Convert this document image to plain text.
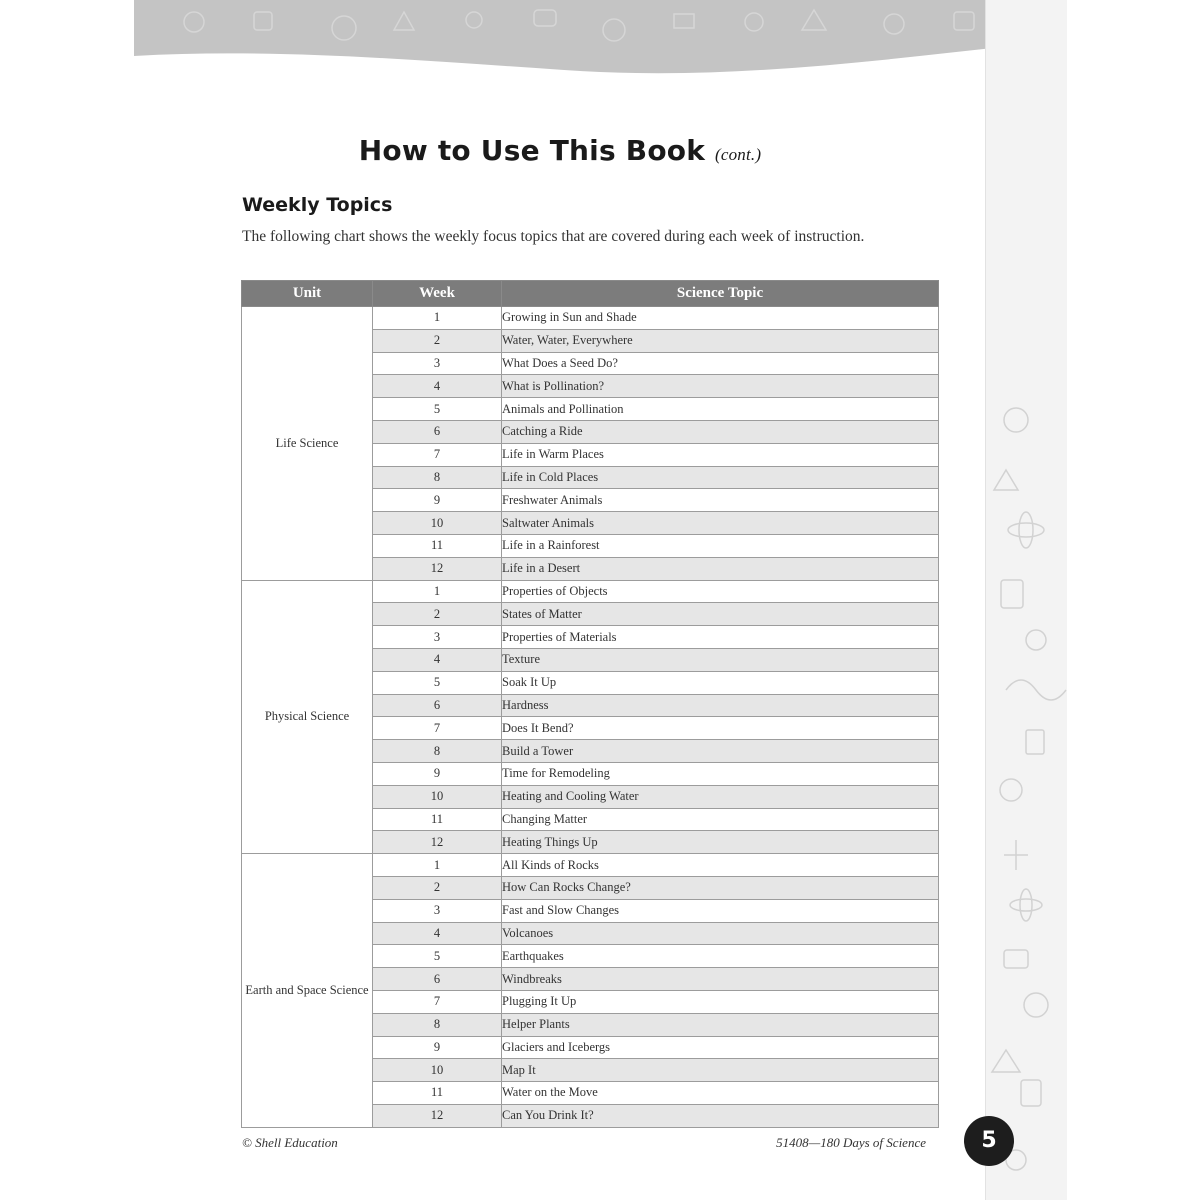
How to Use This Book (cont.)
Weekly Topics

The following chart shows the weekly focus topics that are covered during each week of instruction.

Unit	Week	Science Topic
Life Science	1	Growing in Sun and Shade
	2	Water, Water, Everywhere
	3	What Does a Seed Do?
	4	What is Pollination?
	5	Animals and Pollination
	6	Catching a Ride
	7	Life in Warm Places
	8	Life in Cold Places
	9	Freshwater Animals
	10	Saltwater Animals
	11	Life in a Rainforest
	12	Life in a Desert
Physical Science	1	Properties of Objects
	2	States of Matter
	3	Properties of Materials
	4	Texture
	5	Soak It Up
	6	Hardness
	7	Does It Bend?
	8	Build a Tower
	9	Time for Remodeling
	10	Heating and Cooling Water
	11	Changing Matter
	12	Heating Things Up
Earth and Space Science	1	All Kinds of Rocks
	2	How Can Rocks Change?
	3	Fast and Slow Changes
	4	Volcanoes
	5	Earthquakes
	6	Windbreaks
	7	Plugging It Up
	8	Helper Plants
	9	Glaciers and Icebergs
	10	Map It
	11	Water on the Move
	12	Can You Drink It?
© Shell Education	51408—180 Days of Science	5
